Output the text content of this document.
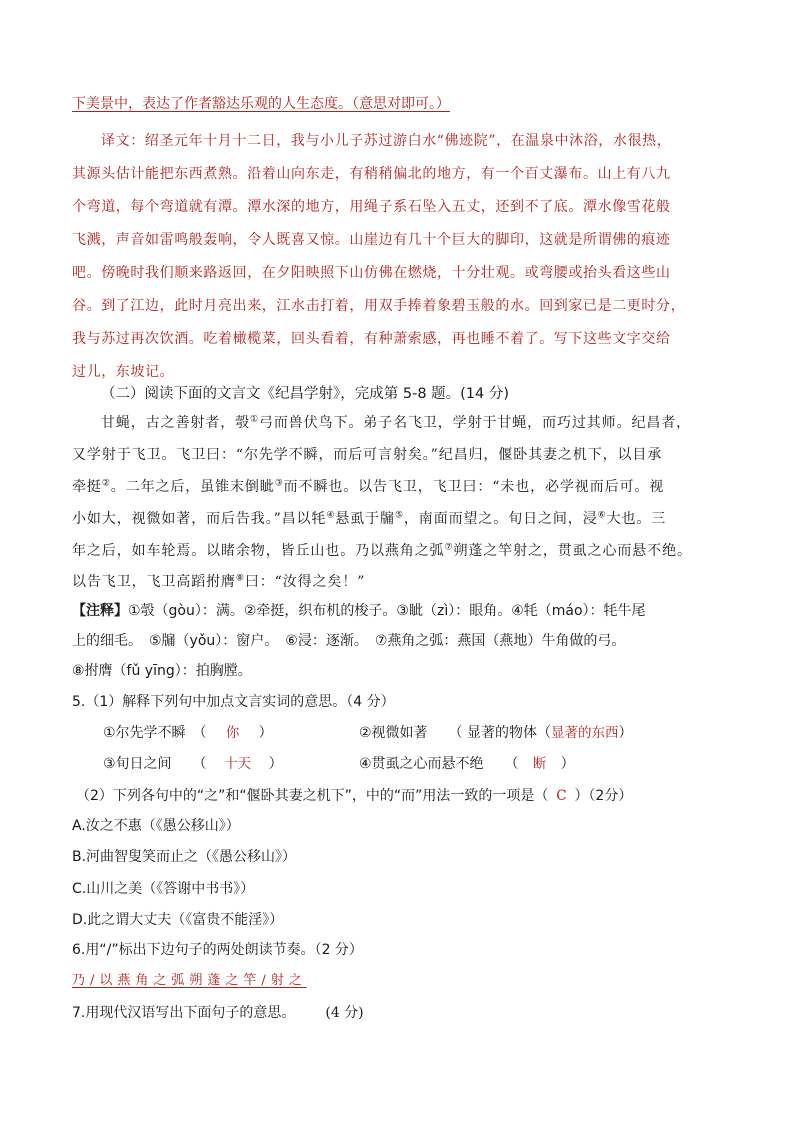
下美景中，表达了作者豁达乐观的人生态度。（意思对即可。）
译文：绍圣元年十月十二日，我与小儿子苏过游白水“佛迹院”，在温泉中沐浴，水很热，
其源头估计能把东西煮熟。沿着山向东走，有稍稍偏北的地方，有一个百丈瀑布。山上有八九
个弯道，每个弯道就有潭。潭水深的地方，用绳子系石坠入五丈，还到不了底。潭水像雪花般
飞溅，声音如雷鸣般轰响，令人既喜又惊。山崖边有几十个巨大的脚印，这就是所谓佛的痕迹
吧。傍晚时我们顺来路返回，在夕阳映照下山仿佛在燃烧，十分壮观。或弯腰或抬头看这些山
谷。到了江边，此时月亮出来，江水击打着，用双手捧着象碧玉般的水。回到家已是二更时分，
我与苏过再次饮酒。吃着橄榄菜，回头看着，有种萧索感，再也睡不着了。写下这些文字交给
过儿，东坡记。
（二）阅读下面的文言文《纪昌学射》，完成第 5-8 题。(14 分)
甘蝇，古之善射者，彀①弓而兽伏鸟下。弟子名飞卫，学射于甘蝇，而巧过其师。纪昌者，
又学射于飞卫。飞卫曰：“尔先学不瞬，而后可言射矣。”纪昌归，偃卧其妻之机下，以目承
牵挺②。二年之后，虽锥末倒眦③而不瞬也。以告飞卫，飞卫曰：“未也，必学视而后可。视
小如大，视微如著，而后告我。”昌以牦④悬虱于牖⑤，南面而望之。旬日之间，浸⑥大也。三
年之后，如车轮焉。以睹余物，皆丘山也。乃以燕角之弧⑦朔蓬之竿射之，贯虱之心而悬不绝。
以告飞卫，飞卫高蹈拊膺⑧曰：“汝得之矣！”
【注释】①彀（gòu）：满。②牵挺，织布机的梭子。③眦（zì）：眼角。④牦（máo）：牦牛尾
上的细毛。　⑤牖（yǒu）：窗户。　⑥浸：逐渐。　⑦燕角之弧：燕国（燕地）牛角做的弓。
⑧拊膺（fǔ yīng）：拍胸膛。
5.（1）解释下列句中加点文言实词的意思。（4 分）
①尔先学不瞬　（ 你 ）	②视微如著　　（ 显著的物体（显著的东西）
③旬日之间　　（ 十天 ）	④贯虱之心而悬不绝　　（ 断 ）
（2）下列各句中的“之”和“偃卧其妻之机下”，中的“而”用法一致的一项是（ C ）（2分）
A.汝之不惠（《愚公移山》）
B.河曲智叟笑而止之（《愚公移山》）
C.山川之美（《答谢中书书》）
D.此之谓大丈夫（《富贵不能淫》）
6.用“/”标出下边句子的两处朗读节奏。（2 分）
乃/以燕角之弧朔蓬之竿/射之
7.用现代汉语写出下面句子的意思。 (4 分)
